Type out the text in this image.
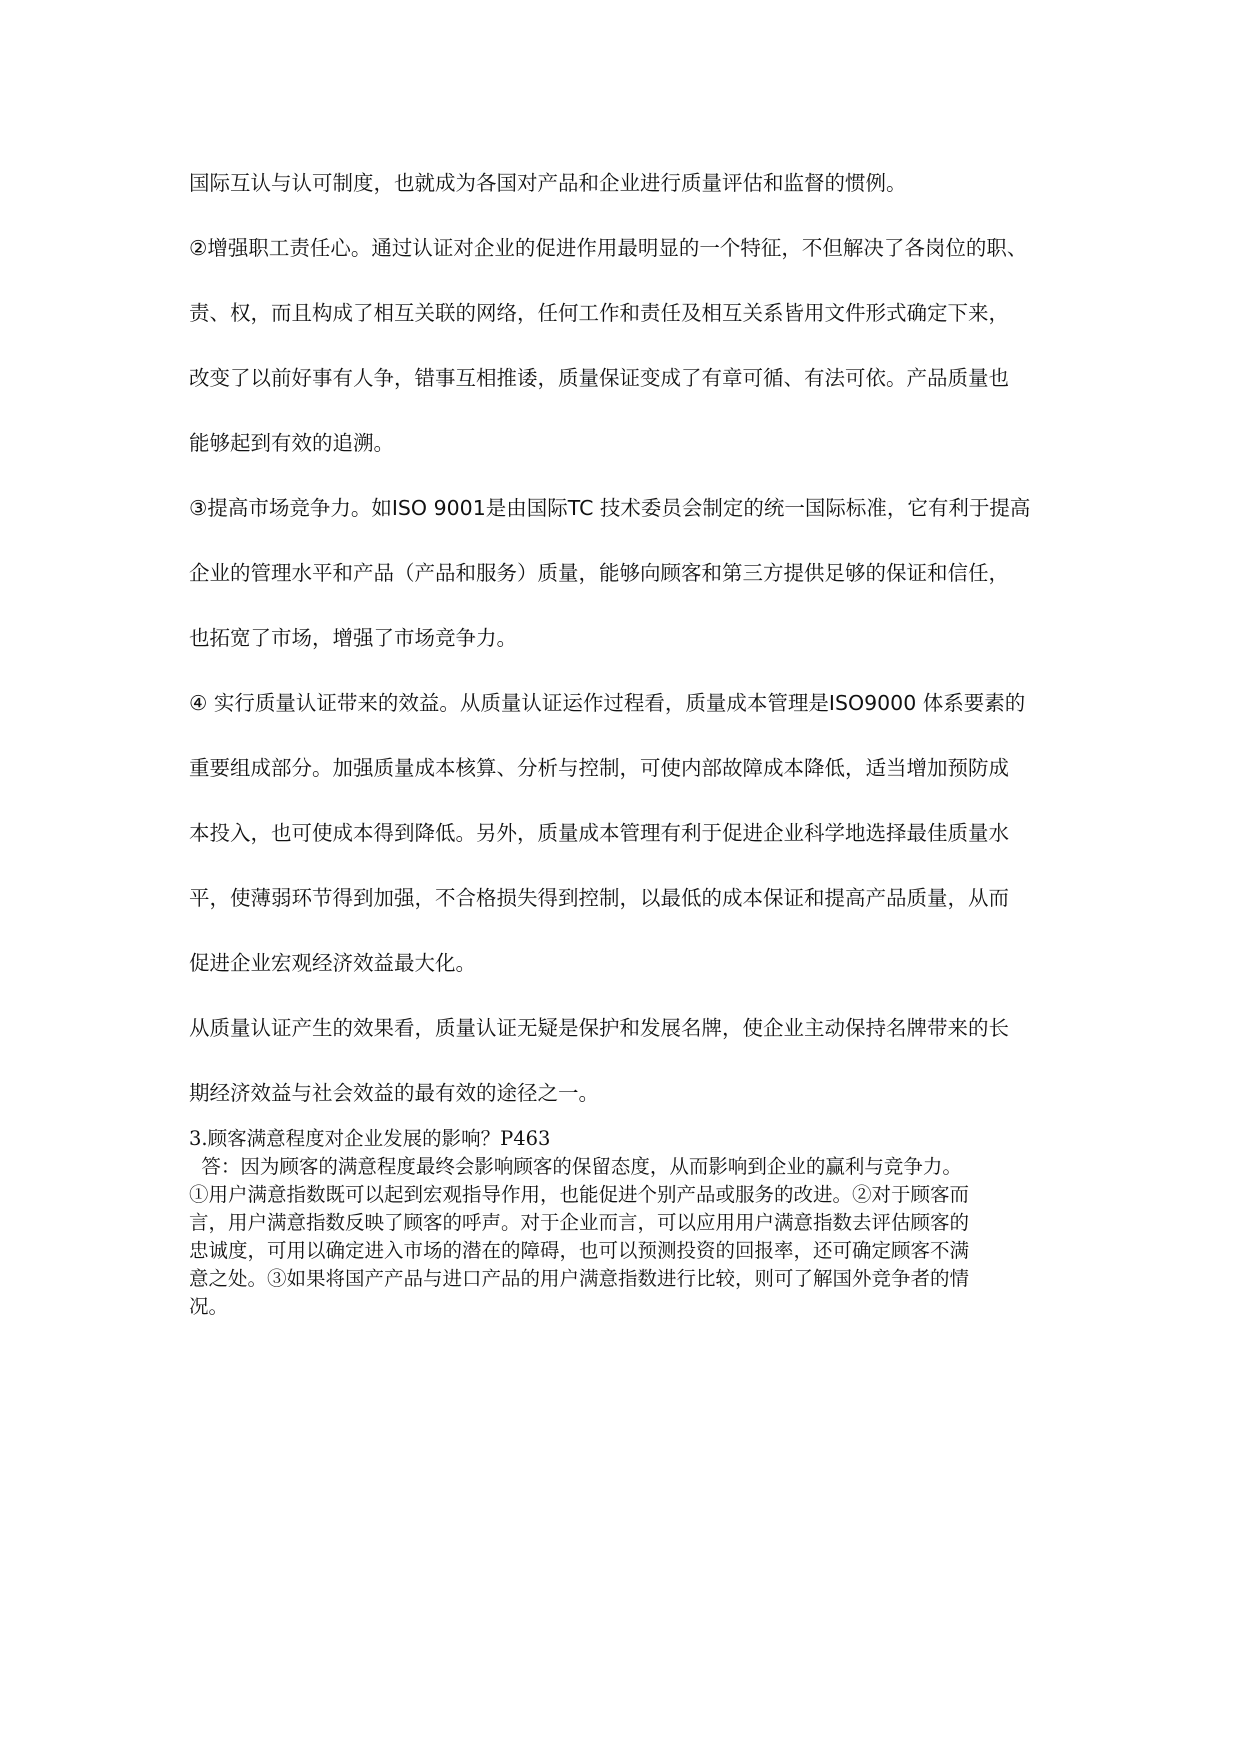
国际互认与认可制度，也就成为各国对产品和企业进行质量评估和监督的惯例。
②增强职工责任心。通过认证对企业的促进作用最明显的一个特征，不但解决了各岗位的职、
责、权，而且构成了相互关联的网络，任何工作和责任及相互关系皆用文件形式确定下来，
改变了以前好事有人争，错事互相推诿，质量保证变成了有章可循、有法可依。产品质量也
能够起到有效的追溯。
③提高市场竞争力。如ISO 9001是由国际TC 技术委员会制定的统一国际标准，它有利于提高
企业的管理水平和产品（产品和服务）质量，能够向顾客和第三方提供足够的保证和信任，
也拓宽了市场，增强了市场竞争力。
④ 实行质量认证带来的效益。从质量认证运作过程看，质量成本管理是ISO9000 体系要素的
重要组成部分。加强质量成本核算、分析与控制，可使内部故障成本降低，适当增加预防成
本投入，也可使成本得到降低。另外，质量成本管理有利于促进企业科学地选择最佳质量水
平，使薄弱环节得到加强，不合格损失得到控制，以最低的成本保证和提高产品质量，从而
促进企业宏观经济效益最大化。
从质量认证产生的效果看，质量认证无疑是保护和发展名牌，使企业主动保持名牌带来的长
期经济效益与社会效益的最有效的途径之一。
3.顾客满意程度对企业发展的影响？P463
答：因为顾客的满意程度最终会影响顾客的保留态度，从而影响到企业的赢利与竞争力。
①用户满意指数既可以起到宏观指导作用，也能促进个别产品或服务的改进。②对于顾客而
言，用户满意指数反映了顾客的呼声。对于企业而言，可以应用用户满意指数去评估顾客的
忠诚度，可用以确定进入市场的潜在的障碍，也可以预测投资的回报率，还可确定顾客不满
意之处。③如果将国产产品与进口产品的用户满意指数进行比较，则可了解国外竞争者的情
况。
